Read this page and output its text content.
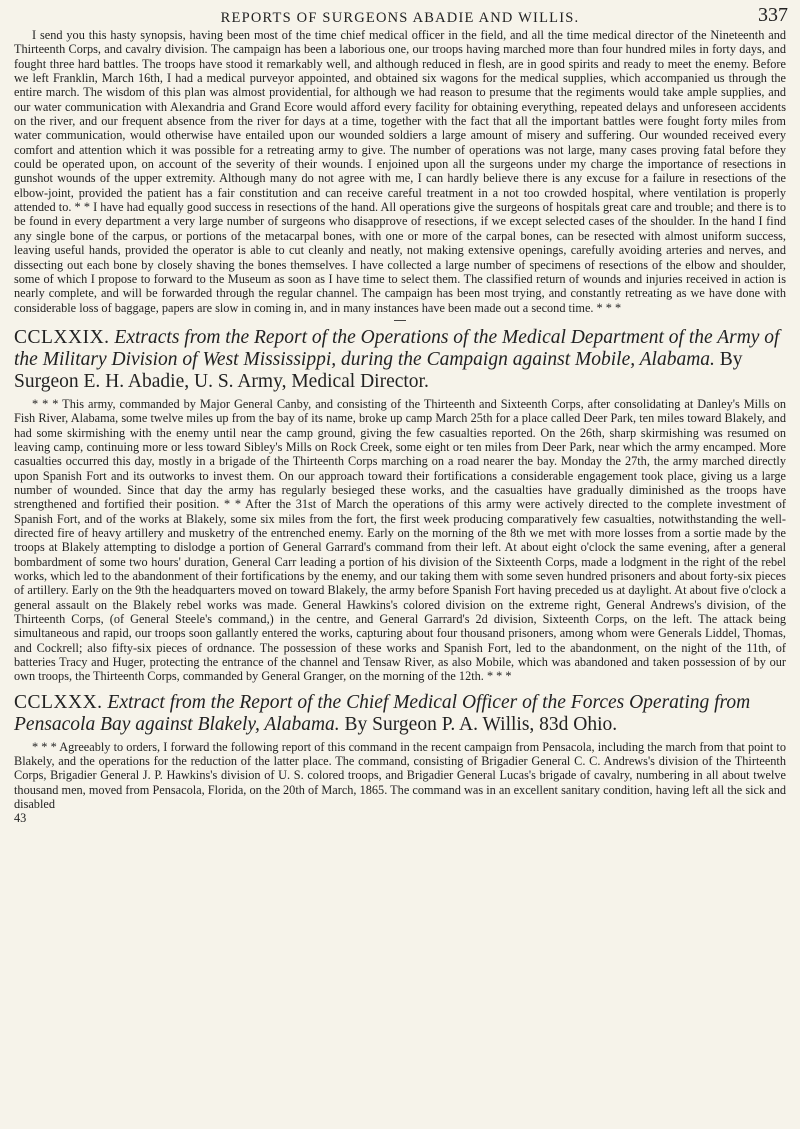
REPORTS OF SURGEONS ABADIE AND WILLIS.	337

I send you this hasty synopsis, having been most of the time chief medical officer in the field, and all the time medical director of the Nineteenth and Thirteenth Corps, and cavalry division. The campaign has been a laborious one, our troops having marched more than four hundred miles in forty days, and fought three hard battles. The troops have stood it remarkably well, and although reduced in flesh, are in good spirits and ready to meet the enemy. Before we left Franklin, March 16th, I had a medical purveyor appointed, and obtained six wagons for the medical supplies, which accompanied us through the entire march. The wisdom of this plan was almost providential, for although we had reason to presume that the regiments would take ample supplies, and our water communication with Alexandria and Grand Ecore would afford every facility for obtaining everything, repeated delays and unforeseen accidents on the river, and our frequent absence from the river for days at a time, together with the fact that all the important battles were fought forty miles from water communication, would otherwise have entailed upon our wounded soldiers a large amount of misery and suffering. Our wounded received every comfort and attention which it was possible for a retreating army to give. The number of operations was not large, many cases proving fatal before they could be operated upon, on account of the severity of their wounds. I enjoined upon all the surgeons under my charge the importance of resections in gunshot wounds of the upper extremity. Although many do not agree with me, I can hardly believe there is any excuse for a failure in resections of the elbow-joint, provided the patient has a fair constitution and can receive careful treatment in a not too crowded hospital, where ventilation is properly attended to. * * I have had equally good success in resections of the hand. All operations give the surgeons of hospitals great care and trouble; and there is to be found in every department a very large number of surgeons who disapprove of resections, if we except selected cases of the shoulder. In the hand I find any single bone of the carpus, or portions of the metacarpal bones, with one or more of the carpal bones, can be resected with almost uniform success, leaving useful hands, provided the operator is able to cut cleanly and neatly, not making extensive openings, carefully avoiding arteries and nerves, and dissecting out each bone by closely shaving the bones themselves. I have collected a large number of specimens of resections of the elbow and shoulder, some of which I propose to forward to the Museum as soon as I have time to select them. The classified return of wounds and injuries received in action is nearly complete, and will be forwarded through the regular channel. The campaign has been most trying, and constantly retreating as we have done with considerable loss of baggage, papers are slow in coming in, and in many instances have been made out a second time. * * *

CCLXXIX. Extracts from the Report of the Operations of the Medical Department of the Army of the Military Division of West Mississippi, during the Campaign against Mobile, Alabama. By Surgeon E. H. Abadie, U. S. Army, Medical Director.

* * * This army, commanded by Major General Canby, and consisting of the Thirteenth and Sixteenth Corps, after consolidating at Danley's Mills on Fish River, Alabama, some twelve miles up from the bay of its name, broke up camp March 25th for a place called Deer Park, ten miles toward Blakely, and had some skirmishing with the enemy until near the camp ground, giving the few casualties reported. On the 26th, sharp skirmishing was resumed on leaving camp, continuing more or less toward Sibley's Mills on Rock Creek, some eight or ten miles from Deer Park, near which the army encamped. More casualties occurred this day, mostly in a brigade of the Thirteenth Corps marching on a road nearer the bay. Monday the 27th, the army marched directly upon Spanish Fort and its outworks to invest them. On our approach toward their fortifications a considerable engagement took place, giving us a large number of wounded. Since that day the army has regularly besieged these works, and the casualties have gradually diminished as the troops have strengthened and fortified their position. * * After the 31st of March the operations of this army were actively directed to the complete investment of Spanish Fort, and of the works at Blakely, some six miles from the fort, the first week producing comparatively few casualties, notwithstanding the well-directed fire of heavy artillery and musketry of the entrenched enemy. Early on the morning of the 8th we met with more losses from a sortie made by the troops at Blakely attempting to dislodge a portion of General Garrard's command from their left. At about eight o'clock the same evening, after a general bombardment of some two hours' duration, General Carr leading a portion of his division of the Sixteenth Corps, made a lodgment in the right of the rebel works, which led to the abandonment of their fortifications by the enemy, and our taking them with some seven hundred prisoners and about forty-six pieces of artillery. Early on the 9th the headquarters moved on toward Blakely, the army before Spanish Fort having preceded us at daylight. At about five o'clock a general assault on the Blakely rebel works was made. General Hawkins's colored division on the extreme right, General Andrews's division, of the Thirteenth Corps, (of General Steele's command,) in the centre, and General Garrard's 2d division, Sixteenth Corps, on the left. The attack being simultaneous and rapid, our troops soon gallantly entered the works, capturing about four thousand prisoners, among whom were Generals Liddel, Thomas, and Cockrell; also fifty-six pieces of ordnance. The possession of these works and Spanish Fort, led to the abandonment, on the night of the 11th, of batteries Tracy and Huger, protecting the entrance of the channel and Tensaw River, as also Mobile, which was abandoned and taken possession of by our own troops, the Thirteenth Corps, commanded by General Granger, on the morning of the 12th. * * *

CCLXXX. Extract from the Report of the Chief Medical Officer of the Forces Operating from Pensacola Bay against Blakely, Alabama. By Surgeon P. A. Willis, 83d Ohio.

* * * Agreeably to orders, I forward the following report of this command in the recent campaign from Pensacola, including the march from that point to Blakely, and the operations for the reduction of the latter place. The command, consisting of Brigadier General C. C. Andrews's division of the Thirteenth Corps, Brigadier General J. P. Hawkins's division of U. S. colored troops, and Brigadier General Lucas's brigade of cavalry, numbering in all about twelve thousand men, moved from Pensacola, Florida, on the 20th of March, 1865. The command was in an excellent sanitary condition, having left all the sick and disabled

43
